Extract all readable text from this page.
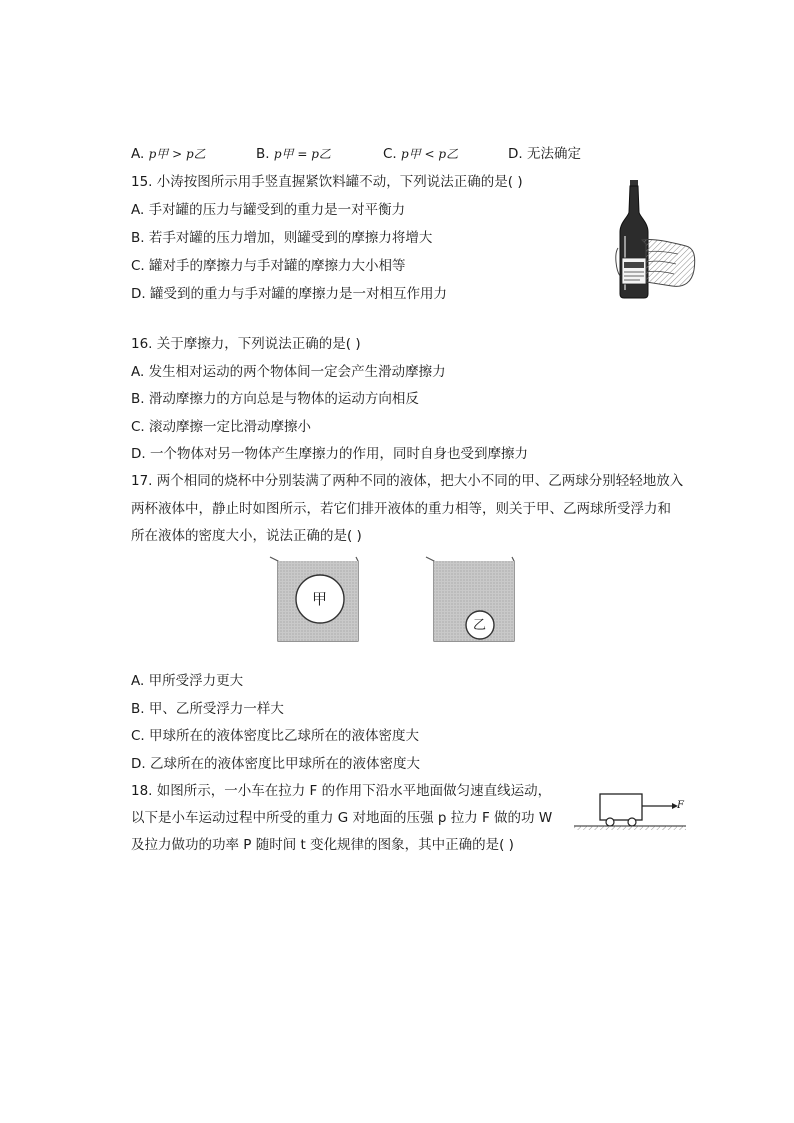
A. p甲 > p乙	B. p甲 = p乙	C. p甲 < p乙	D. 无法确定
15. 小涛按图所示用手竖直握紧饮料罐不动，下列说法正确的是( )
A. 手对罐的压力与罐受到的重力是一对平衡力
B. 若手对罐的压力增加，则罐受到的摩擦力将增大
C. 罐对手的摩擦力与手对罐的摩擦力大小相等
D. 罐受到的重力与手对罐的摩擦力是一对相互作用力
16. 关于摩擦力，下列说法正确的是( )
A. 发生相对运动的两个物体间一定会产生滑动摩擦力
B. 滑动摩擦力的方向总是与物体的运动方向相反
C. 滚动摩擦一定比滑动摩擦小
D. 一个物体对另一物体产生摩擦力的作用，同时自身也受到摩擦力
17. 两个相同的烧杯中分别装满了两种不同的液体，把大小不同的甲、乙两球分别轻轻地放入
两杯液体中，静止时如图所示，若它们排开液体的重力相等，则关于甲、乙两球所受浮力和
所在液体的密度大小，说法正确的是( )
甲
乙
A. 甲所受浮力更大
B. 甲、乙所受浮力一样大
C. 甲球所在的液体密度比乙球所在的液体密度大
D. 乙球所在的液体密度比甲球所在的液体密度大
18. 如图所示，一小车在拉力 F 的作用下沿水平地面做匀速直线运动，
以下是小车运动过程中所受的重力 G 对地面的压强 p 拉力 F 做的功 W
及拉力做功的功率 P 随时间 t 变化规律的图象，其中正确的是( )
F
